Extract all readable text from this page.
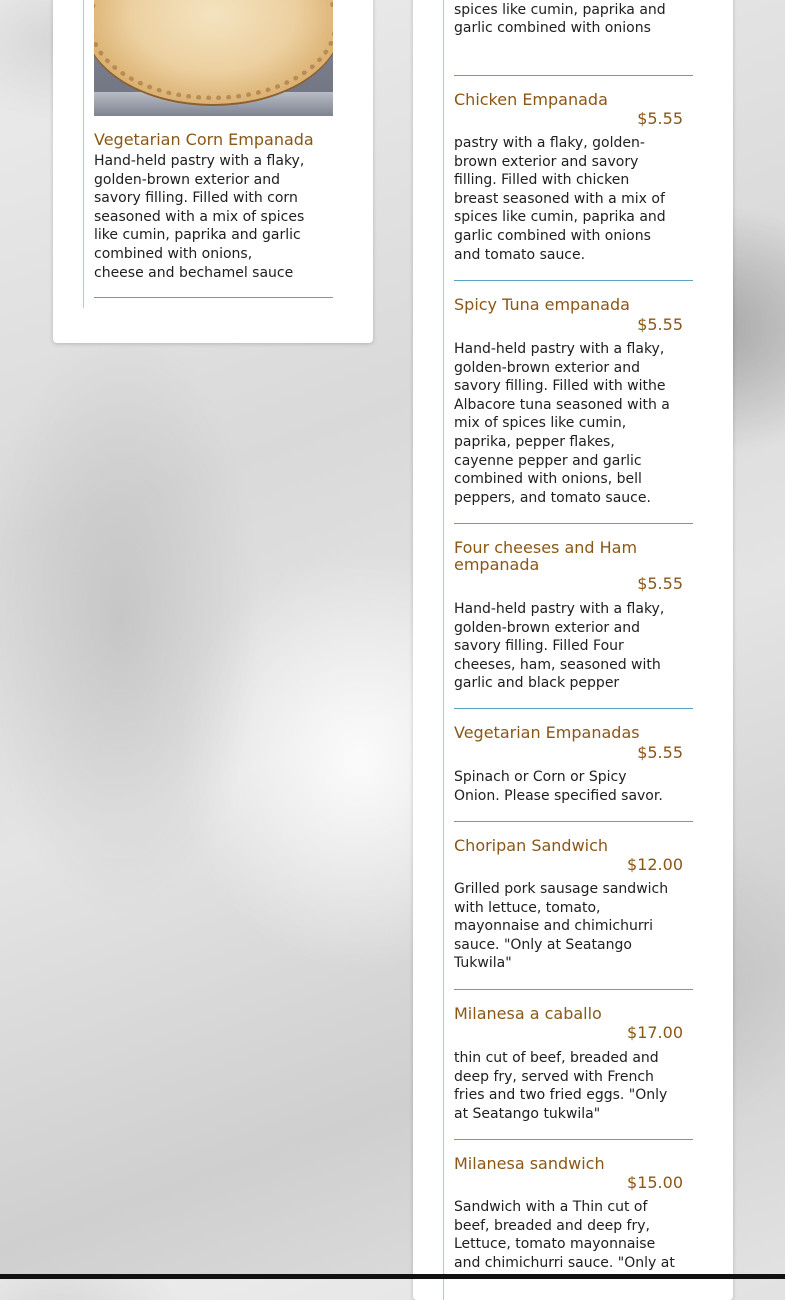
Vegetarian Corn Empanada

Hand-held pastry with a flaky, golden-brown exterior and savory filling. Filled with corn seasoned with a mix of spices like cumin, paprika and garlic combined with onions, cheese and bechamel sauce

spices like cumin, paprika and garlic combined with onions

Chicken Empanada
$5.55

pastry with a flaky, golden-brown exterior and savory filling. Filled with chicken breast seasoned with a mix of spices like cumin, paprika and garlic combined with onions and tomato sauce.

Spicy Tuna empanada
$5.55

Hand-held pastry with a flaky, golden-brown exterior and savory filling. Filled with withe Albacore tuna seasoned with a mix of spices like cumin, paprika, pepper flakes, cayenne pepper and garlic combined with onions, bell peppers, and tomato sauce.

Four cheeses and Ham empanada
$5.55

Hand-held pastry with a flaky, golden-brown exterior and savory filling. Filled Four cheeses, ham, seasoned with garlic and black pepper

Vegetarian Empanadas
$5.55

Spinach or Corn or Spicy Onion. Please specified savor.

Choripan Sandwich
$12.00

Grilled pork sausage sandwich with lettuce, tomato, mayonnaise and chimichurri sauce. "Only at Seatango Tukwila"

Milanesa a caballo
$17.00

thin cut of beef, breaded and deep fry, served with French fries and two fried eggs. "Only at Seatango tukwila"

Milanesa sandwich
$15.00

Sandwich with a Thin cut of beef, breaded and deep fry, Lettuce, tomato mayonnaise and chimichurri sauce. "Only at
